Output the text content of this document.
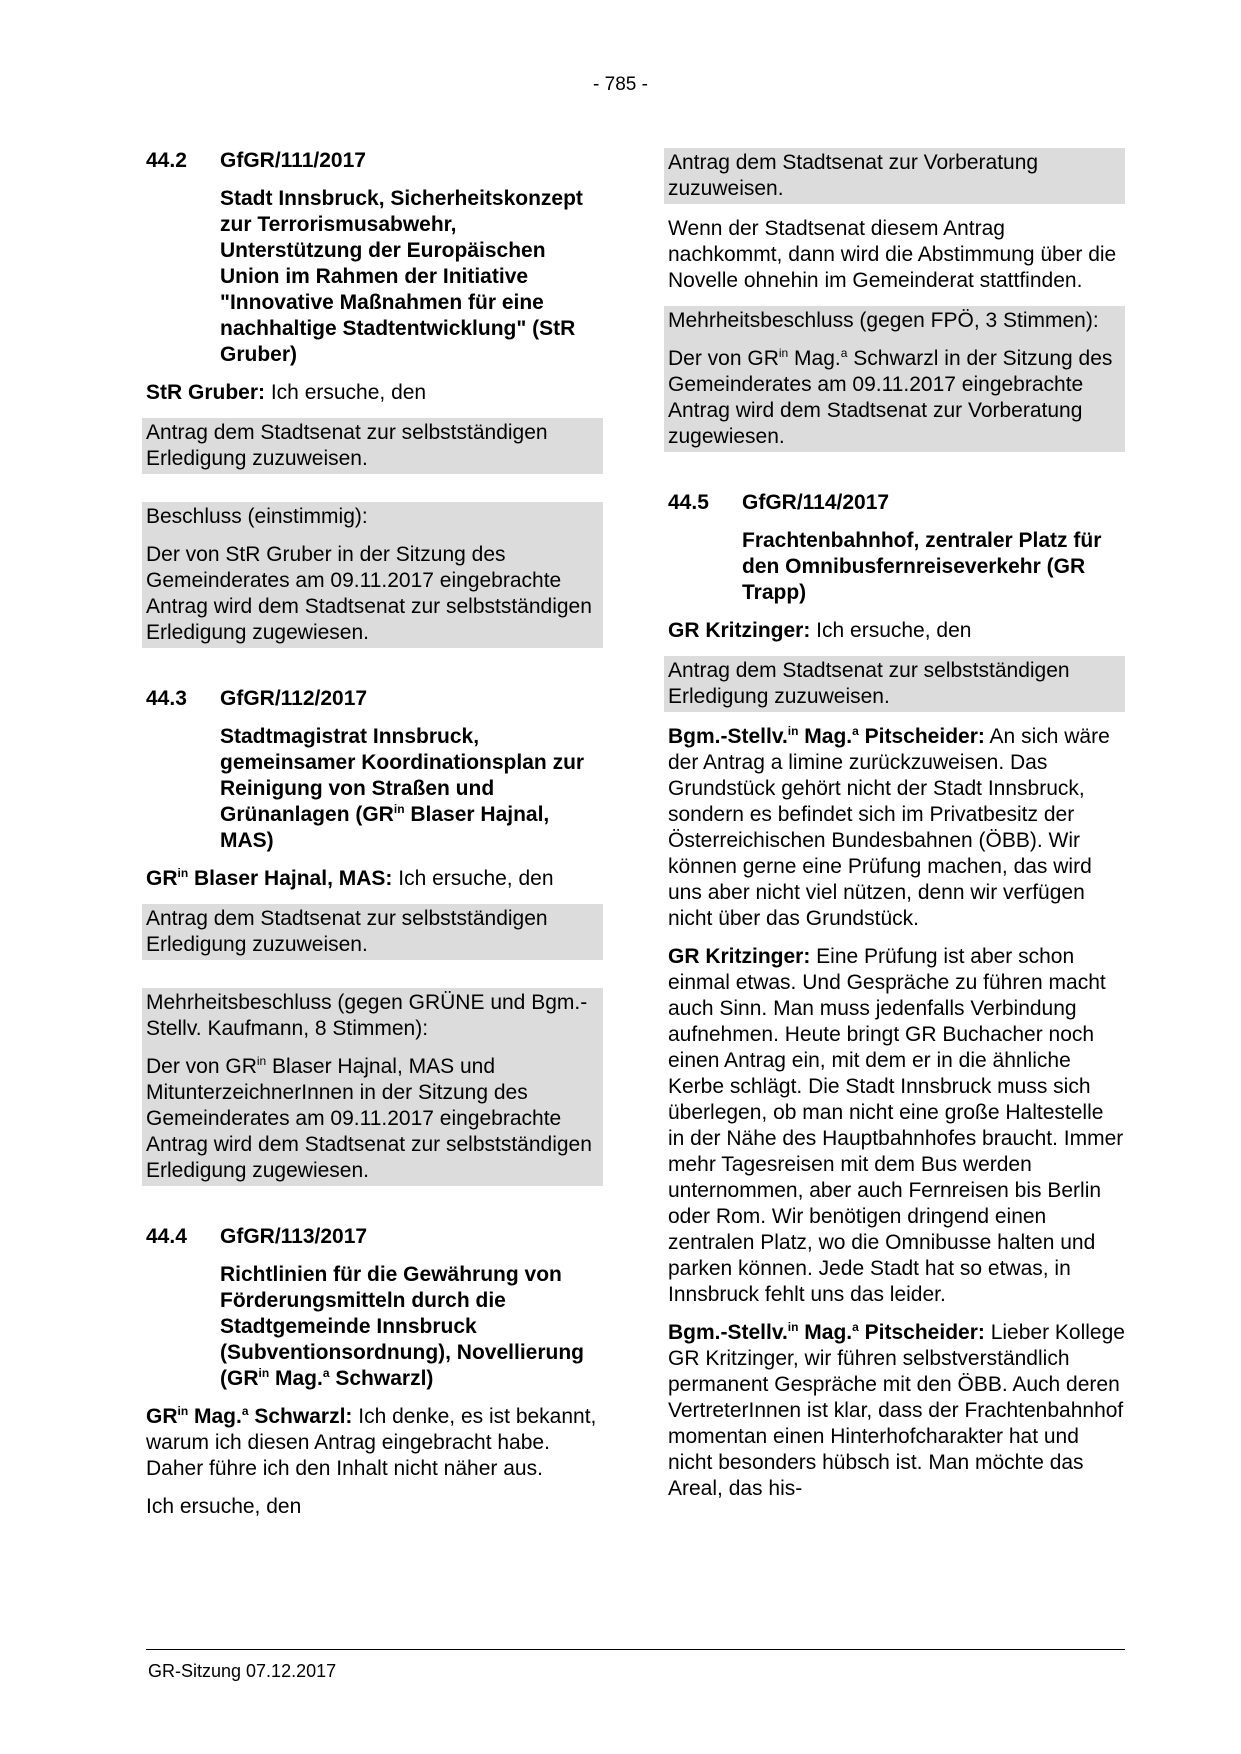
- 785 -
44.2	GfGR/111/2017

Stadt Innsbruck, Sicherheitskonzept zur Terrorismusabwehr, Unterstützung der Europäischen Union im Rahmen der Initiative "Innovative Maßnahmen für eine nachhaltige Stadtentwicklung" (StR Gruber)

StR Gruber: Ich ersuche, den

Antrag dem Stadtsenat zur selbstständigen Erledigung zuzuweisen.

Beschluss (einstimmig):

Der von StR Gruber in der Sitzung des Gemeinderates am 09.11.2017 eingebrachte Antrag wird dem Stadtsenat zur selbstständigen Erledigung zugewiesen.

44.3	GfGR/112/2017

Stadtmagistrat Innsbruck, gemeinsamer Koordinationsplan zur Reinigung von Straßen und Grünanlagen ($GR^{in}$ Blaser Hajnal, MAS)

$GR^{in}$ Blaser Hajnal, MAS: Ich ersuche, den

Antrag dem Stadtsenat zur selbstständigen Erledigung zuzuweisen.

Mehrheitsbeschluss (gegen GRÜNE und Bgm.-Stellv. Kaufmann, 8 Stimmen):

Der von $GR^{in}$ Blaser Hajnal, MAS und MitunterzeichnerInnen in der Sitzung des Gemeinderates am 09.11.2017 eingebrachte Antrag wird dem Stadtsenat zur selbstständigen Erledigung zugewiesen.

44.4	GfGR/113/2017

Richtlinien für die Gewährung von Förderungsmitteln durch die Stadtgemeinde Innsbruck (Subventionsordnung), Novellierung ($GR^{in}$ Mag.$^a$ Schwarzl)

$GR^{in}$ Mag.$^a$ Schwarzl: Ich denke, es ist bekannt, warum ich diesen Antrag eingebracht habe. Daher führe ich den Inhalt nicht näher aus.

Ich ersuche, den

Antrag dem Stadtsenat zur Vorberatung zuzuweisen.

Wenn der Stadtsenat diesem Antrag nachkommt, dann wird die Abstimmung über die Novelle ohnehin im Gemeinderat stattfinden.

Mehrheitsbeschluss (gegen FPÖ, 3 Stimmen):

Der von $GR^{in}$ Mag.$^a$ Schwarzl in der Sitzung des Gemeinderates am 09.11.2017 eingebrachte Antrag wird dem Stadtsenat zur Vorberatung zugewiesen.

44.5	GfGR/114/2017

Frachtenbahnhof, zentraler Platz für den Omnibusfernreiseverkehr (GR Trapp)

GR Kritzinger: Ich ersuche, den

Antrag dem Stadtsenat zur selbstständigen Erledigung zuzuweisen.

Bgm.-Stellv.$^{in}$ Mag.$^a$ Pitscheider: An sich wäre der Antrag a limine zurückzuweisen. Das Grundstück gehört nicht der Stadt Innsbruck, sondern es befindet sich im Privatbesitz der Österreichischen Bundesbahnen (ÖBB). Wir können gerne eine Prüfung machen, das wird uns aber nicht viel nützen, denn wir verfügen nicht über das Grundstück.

GR Kritzinger: Eine Prüfung ist aber schon einmal etwas. Und Gespräche zu führen macht auch Sinn. Man muss jedenfalls Verbindung aufnehmen. Heute bringt GR Buchacher noch einen Antrag ein, mit dem er in die ähnliche Kerbe schlägt. Die Stadt Innsbruck muss sich überlegen, ob man nicht eine große Haltestelle in der Nähe des Hauptbahnhofes braucht. Immer mehr Tagesreisen mit dem Bus werden unternommen, aber auch Fernreisen bis Berlin oder Rom. Wir benötigen dringend einen zentralen Platz, wo die Omnibusse halten und parken können. Jede Stadt hat so etwas, in Innsbruck fehlt uns das leider.

Bgm.-Stellv.$^{in}$ Mag.$^a$ Pitscheider: Lieber Kollege GR Kritzinger, wir führen selbstverständlich permanent Gespräche mit den ÖBB. Auch deren VertreterInnen ist klar, dass der Frachtenbahnhof momentan einen Hinterhofcharakter hat und nicht besonders hübsch ist. Man möchte das Areal, das his-

GR-Sitzung 07.12.2017
